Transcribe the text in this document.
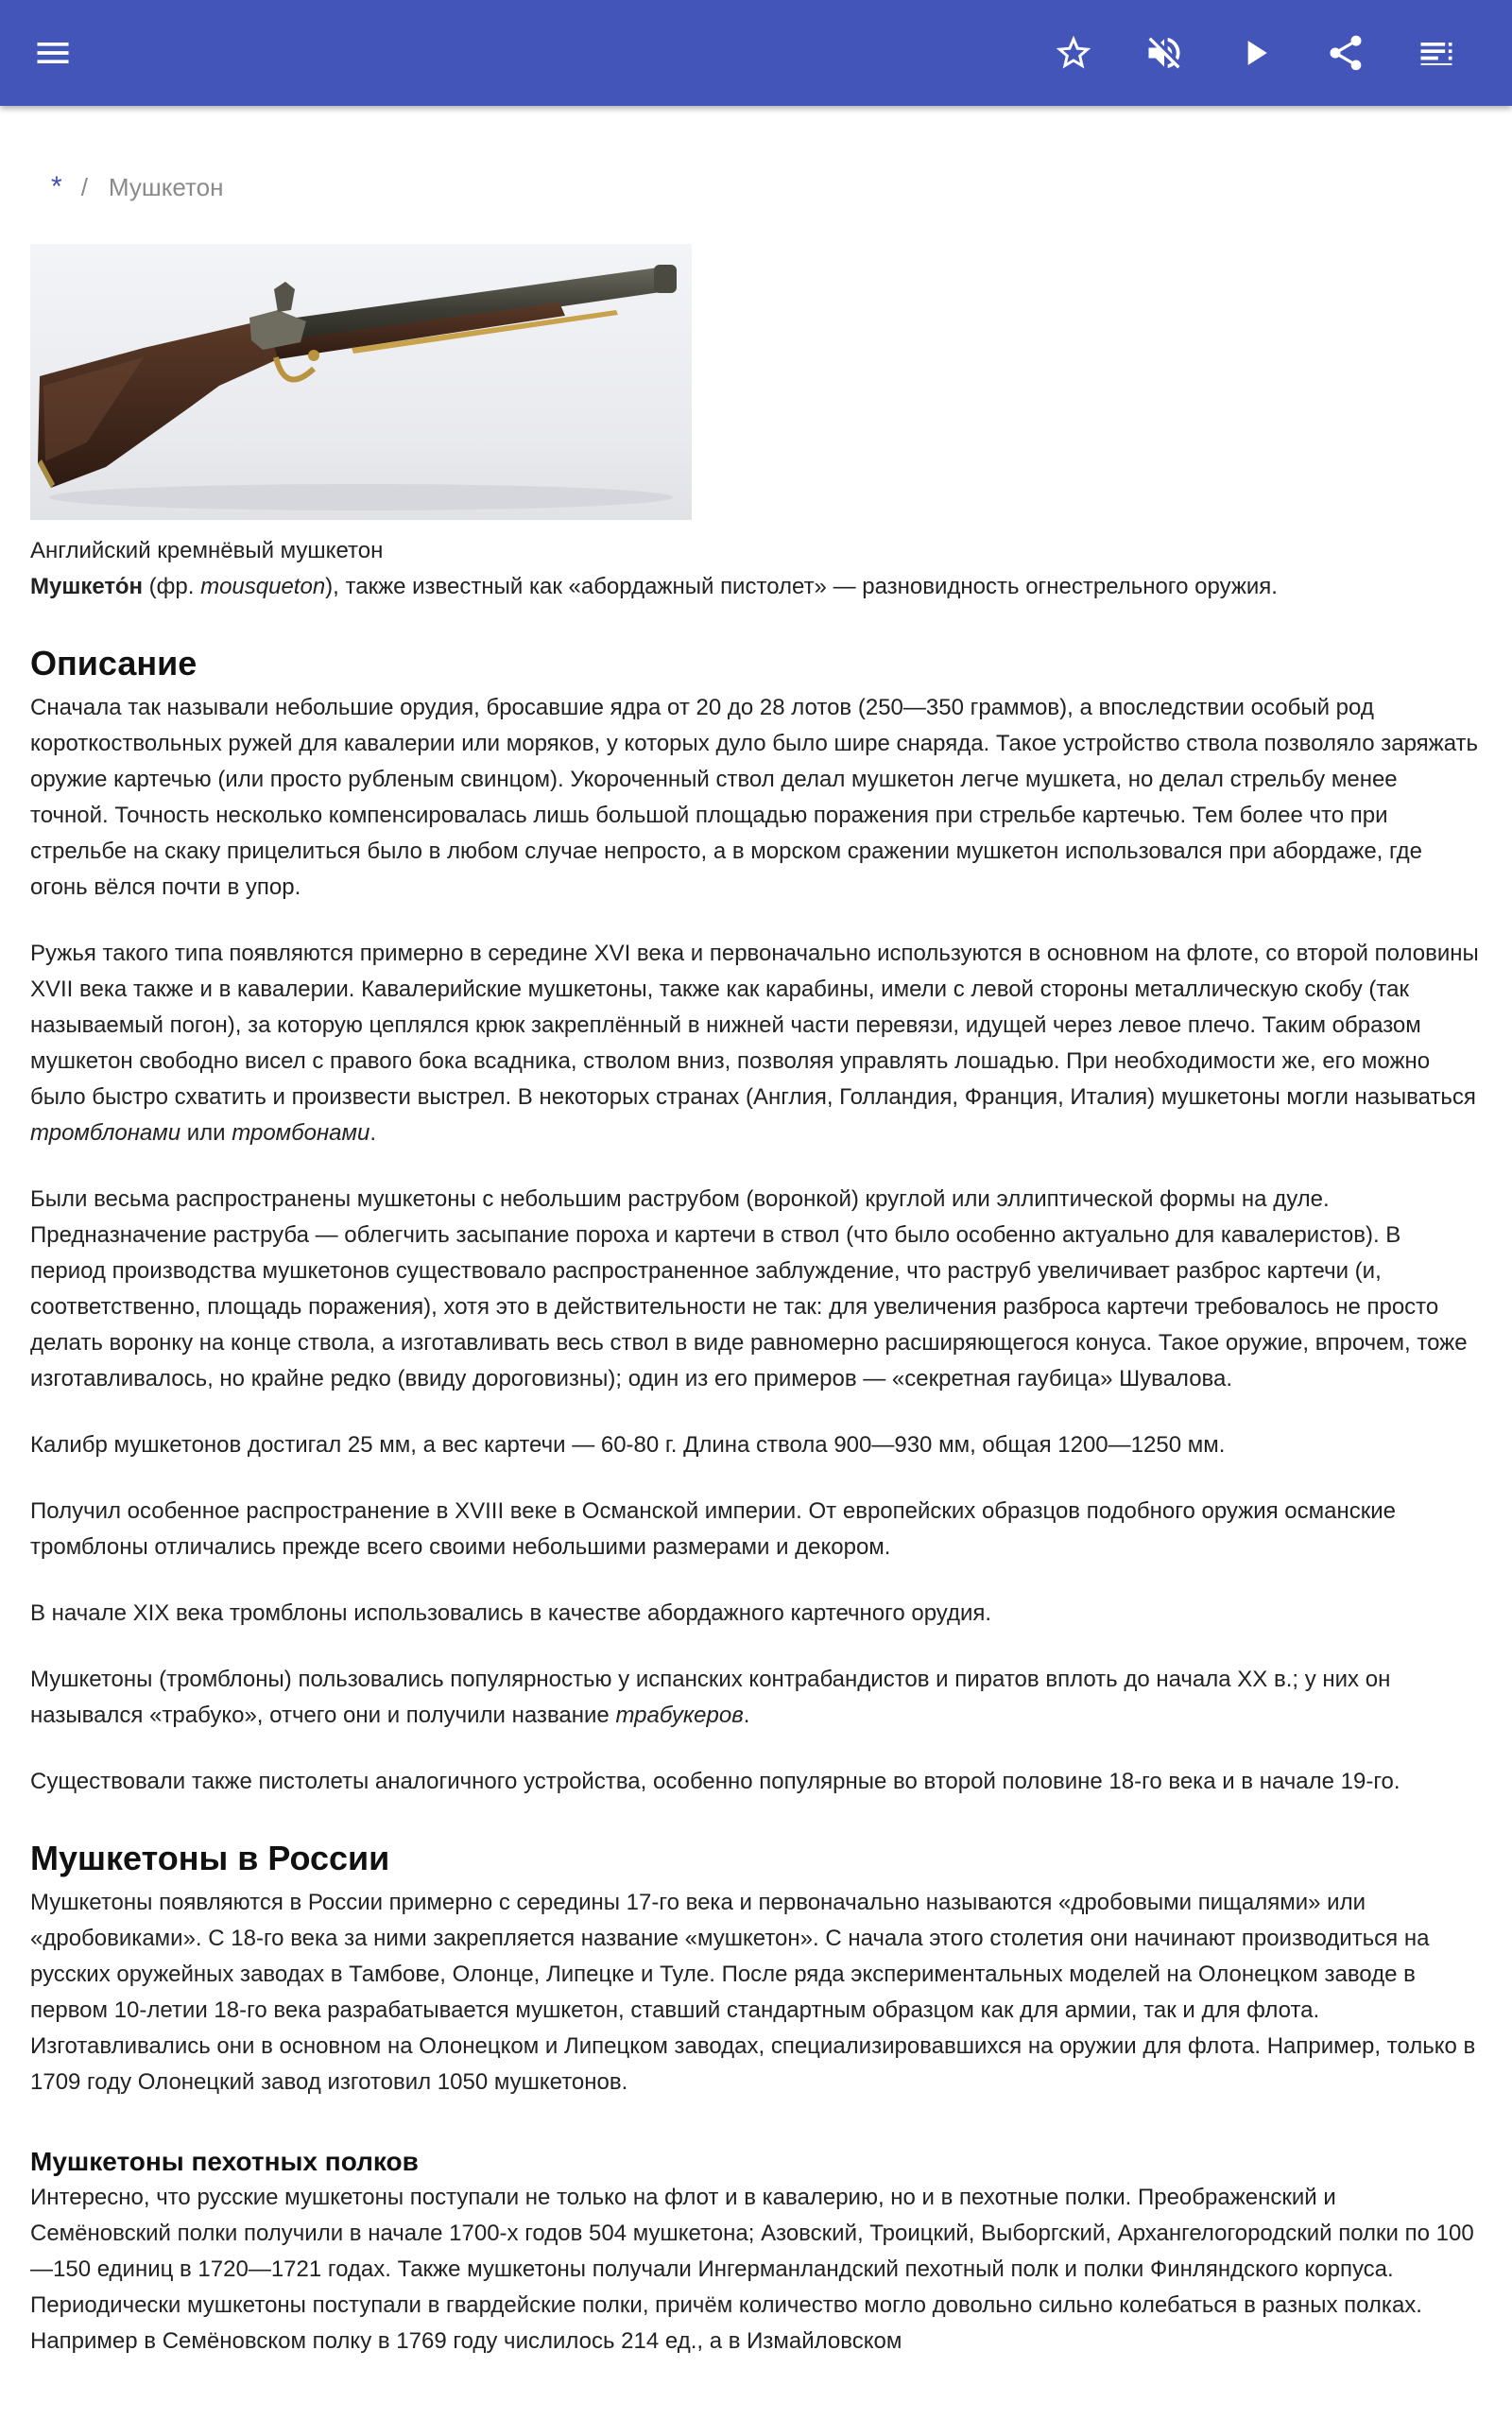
* / Мушкетон
Английский кремнёвый мушкетон

Мушкето́н (фр. mousqueton), также известный как «абордажный пистолет» — разновидность огнестрельного оружия.

Описание

Сначала так называли небольшие орудия, бросавшие ядра от 20 до 28 лотов (250—350 граммов), а впоследствии особый род короткоствольных ружей для кавалерии или моряков, у которых дуло было шире снаряда. Такое устройство ствола позволяло заряжать оружие картечью (или просто рубленым свинцом). Укороченный ствол делал мушкетон легче мушкета, но делал стрельбу менее точной. Точность несколько компенсировалась лишь большой площадью поражения при стрельбе картечью. Тем более что при стрельбе на скаку прицелиться было в любом случае непросто, а в морском сражении мушкетон использовался при абордаже, где огонь вёлся почти в упор.

Ружья такого типа появляются примерно в середине XVI века и первоначально используются в основном на флоте, со второй половины XVII века также и в кавалерии. Кавалерийские мушкетоны, также как карабины, имели с левой стороны металлическую скобу (так называемый погон), за которую цеплялся крюк закреплённый в нижней части перевязи, идущей через левое плечо. Таким образом мушкетон свободно висел с правого бока всадника, стволом вниз, позволяя управлять лошадью. При необходимости же, его можно было быстро схватить и произвести выстрел. В некоторых странах (Англия, Голландия, Франция, Италия) мушкетоны могли называться тромблонами или тромбонами.

Были весьма распространены мушкетоны с небольшим раструбом (воронкой) круглой или эллиптической формы на дуле. Предназначение раструба — облегчить засыпание пороха и картечи в ствол (что было особенно актуально для кавалеристов). В период производства мушкетонов существовало распространенное заблуждение, что раструб увеличивает разброс картечи (и, соответственно, площадь поражения), хотя это в действительности не так: для увеличения разброса картечи требовалось не просто делать воронку на конце ствола, а изготавливать весь ствол в виде равномерно расширяющегося конуса. Такое оружие, впрочем, тоже изготавливалось, но крайне редко (ввиду дороговизны); один из его примеров — «секретная гаубица» Шувалова.

Калибр мушкетонов достигал 25 мм, а вес картечи — 60-80 г. Длина ствола 900—930 мм, общая 1200—1250 мм.

Получил особенное распространение в XVIII веке в Османской империи. От европейских образцов подобного оружия османские тромблоны отличались прежде всего своими небольшими размерами и декором.

В начале XIX века тромблоны использовались в качестве абордажного картечного орудия.

Мушкетоны (тромблоны) пользовались популярностью у испанских контрабандистов и пиратов вплоть до начала XX в.; у них он назывался «трабуко», отчего они и получили название трабукеров.

Существовали также пистолеты аналогичного устройства, особенно популярные во второй половине 18-го века и в начале 19-го.

Мушкетоны в России

Мушкетоны появляются в России примерно с середины 17-го века и первоначально называются «дробовыми пищалями» или «дробовиками». С 18-го века за ними закрепляется название «мушкетон». С начала этого столетия они начинают производиться на русских оружейных заводах в Тамбове, Олонце, Липецке и Туле. После ряда экспериментальных моделей на Олонецком заводе в первом 10-летии 18-го века разрабатывается мушкетон, ставший стандартным образцом как для армии, так и для флота. Изготавливались они в основном на Олонецком и Липецком заводах, специализировавшихся на оружии для флота. Например, только в 1709 году Олонецкий завод изготовил 1050 мушкетонов.

Мушкетоны пехотных полков

Интересно, что русские мушкетоны поступали не только на флот и в кавалерию, но и в пехотные полки. Преображенский и Семёновский полки получили в начале 1700-х годов 504 мушкетона; Азовский, Троицкий, Выборгский, Архангелогородский полки по 100—150 единиц в 1720—1721 годах. Также мушкетоны получали Ингерманландский пехотный полк и полки Финляндского корпуса. Периодически мушкетоны поступали в гвардейские полки, причём количество могло довольно сильно колебаться в разных полках. Например в Семёновском полку в 1769 году числилось 214 ед., а в Измайловском
